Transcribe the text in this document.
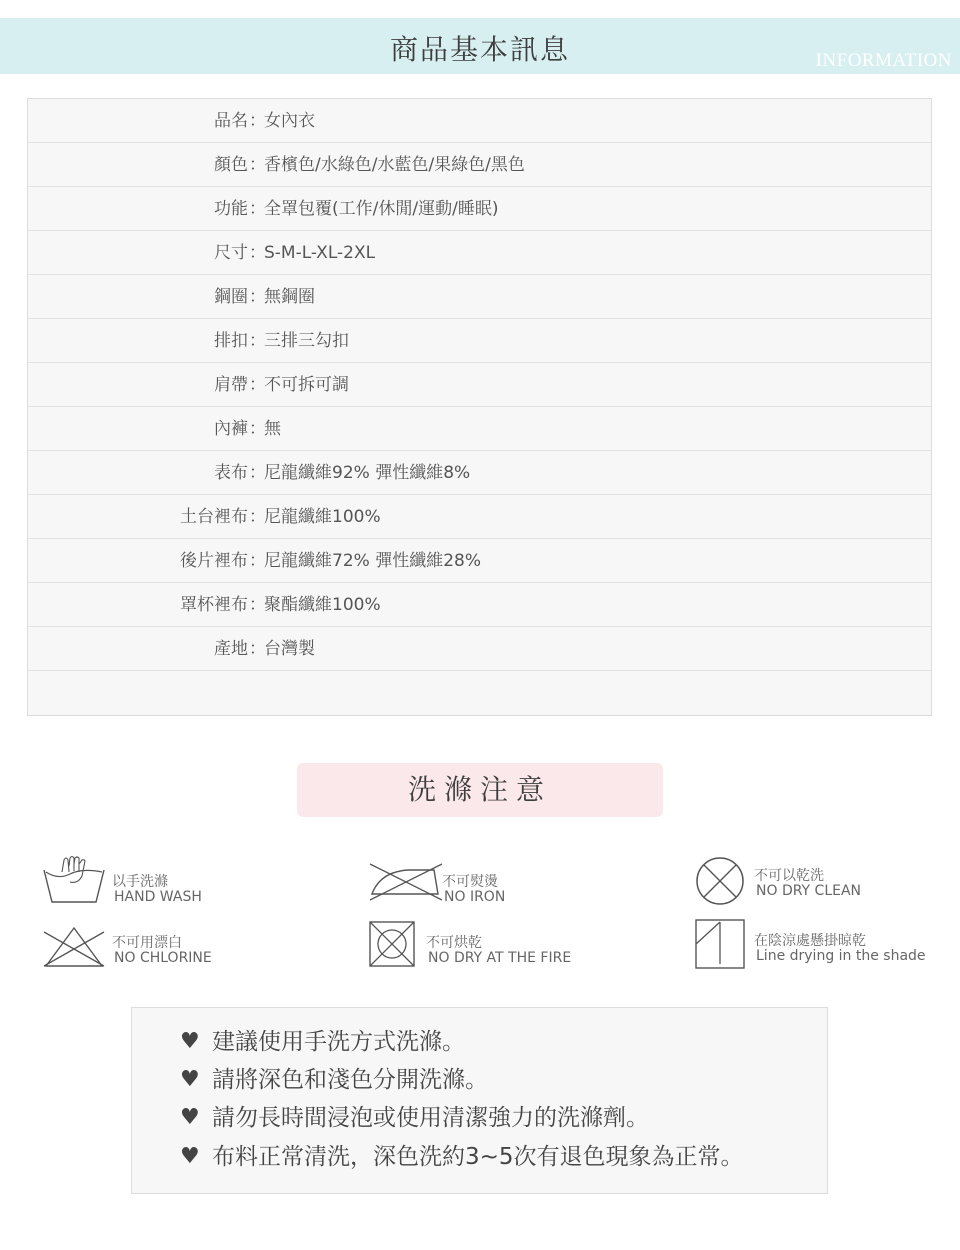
商品基本訊息	INFORMATION
品名 ：
女內衣
顏色 ：
香檳色/水綠色/水藍色/果綠色/黑色
功能 ：
全罩包覆(工作/休閒/運動/睡眠)
尺寸 ：
S-M-L-XL-2XL
鋼圈 ：
無鋼圈
排扣 ：
三排三勾扣
肩帶 ：
不可拆可調
內褲 ：
無
表布 ：
尼龍纖維92% 彈性纖維8%
土台裡布 ：
尼龍纖維100%
後片裡布 ：
尼龍纖維72% 彈性纖維28%
罩杯裡布 ：
聚酯纖維100%
產地 ：
台灣製
洗滌注意
以手洗滌
HAND WASH
不可熨燙
NO IRON
不可以乾洗
NO DRY CLEAN
不可用漂白
NO CHLORINE
不可烘乾
NO DRY AT THE FIRE
在陰涼處懸掛晾乾
Line drying in the shade
♥ 建議使用手洗方式洗滌。
♥ 請將深色和淺色分開洗滌。
♥ 請勿長時間浸泡或使用清潔強力的洗滌劑。
♥ 布料正常清洗，深色洗約3~5次有退色現象為正常。
